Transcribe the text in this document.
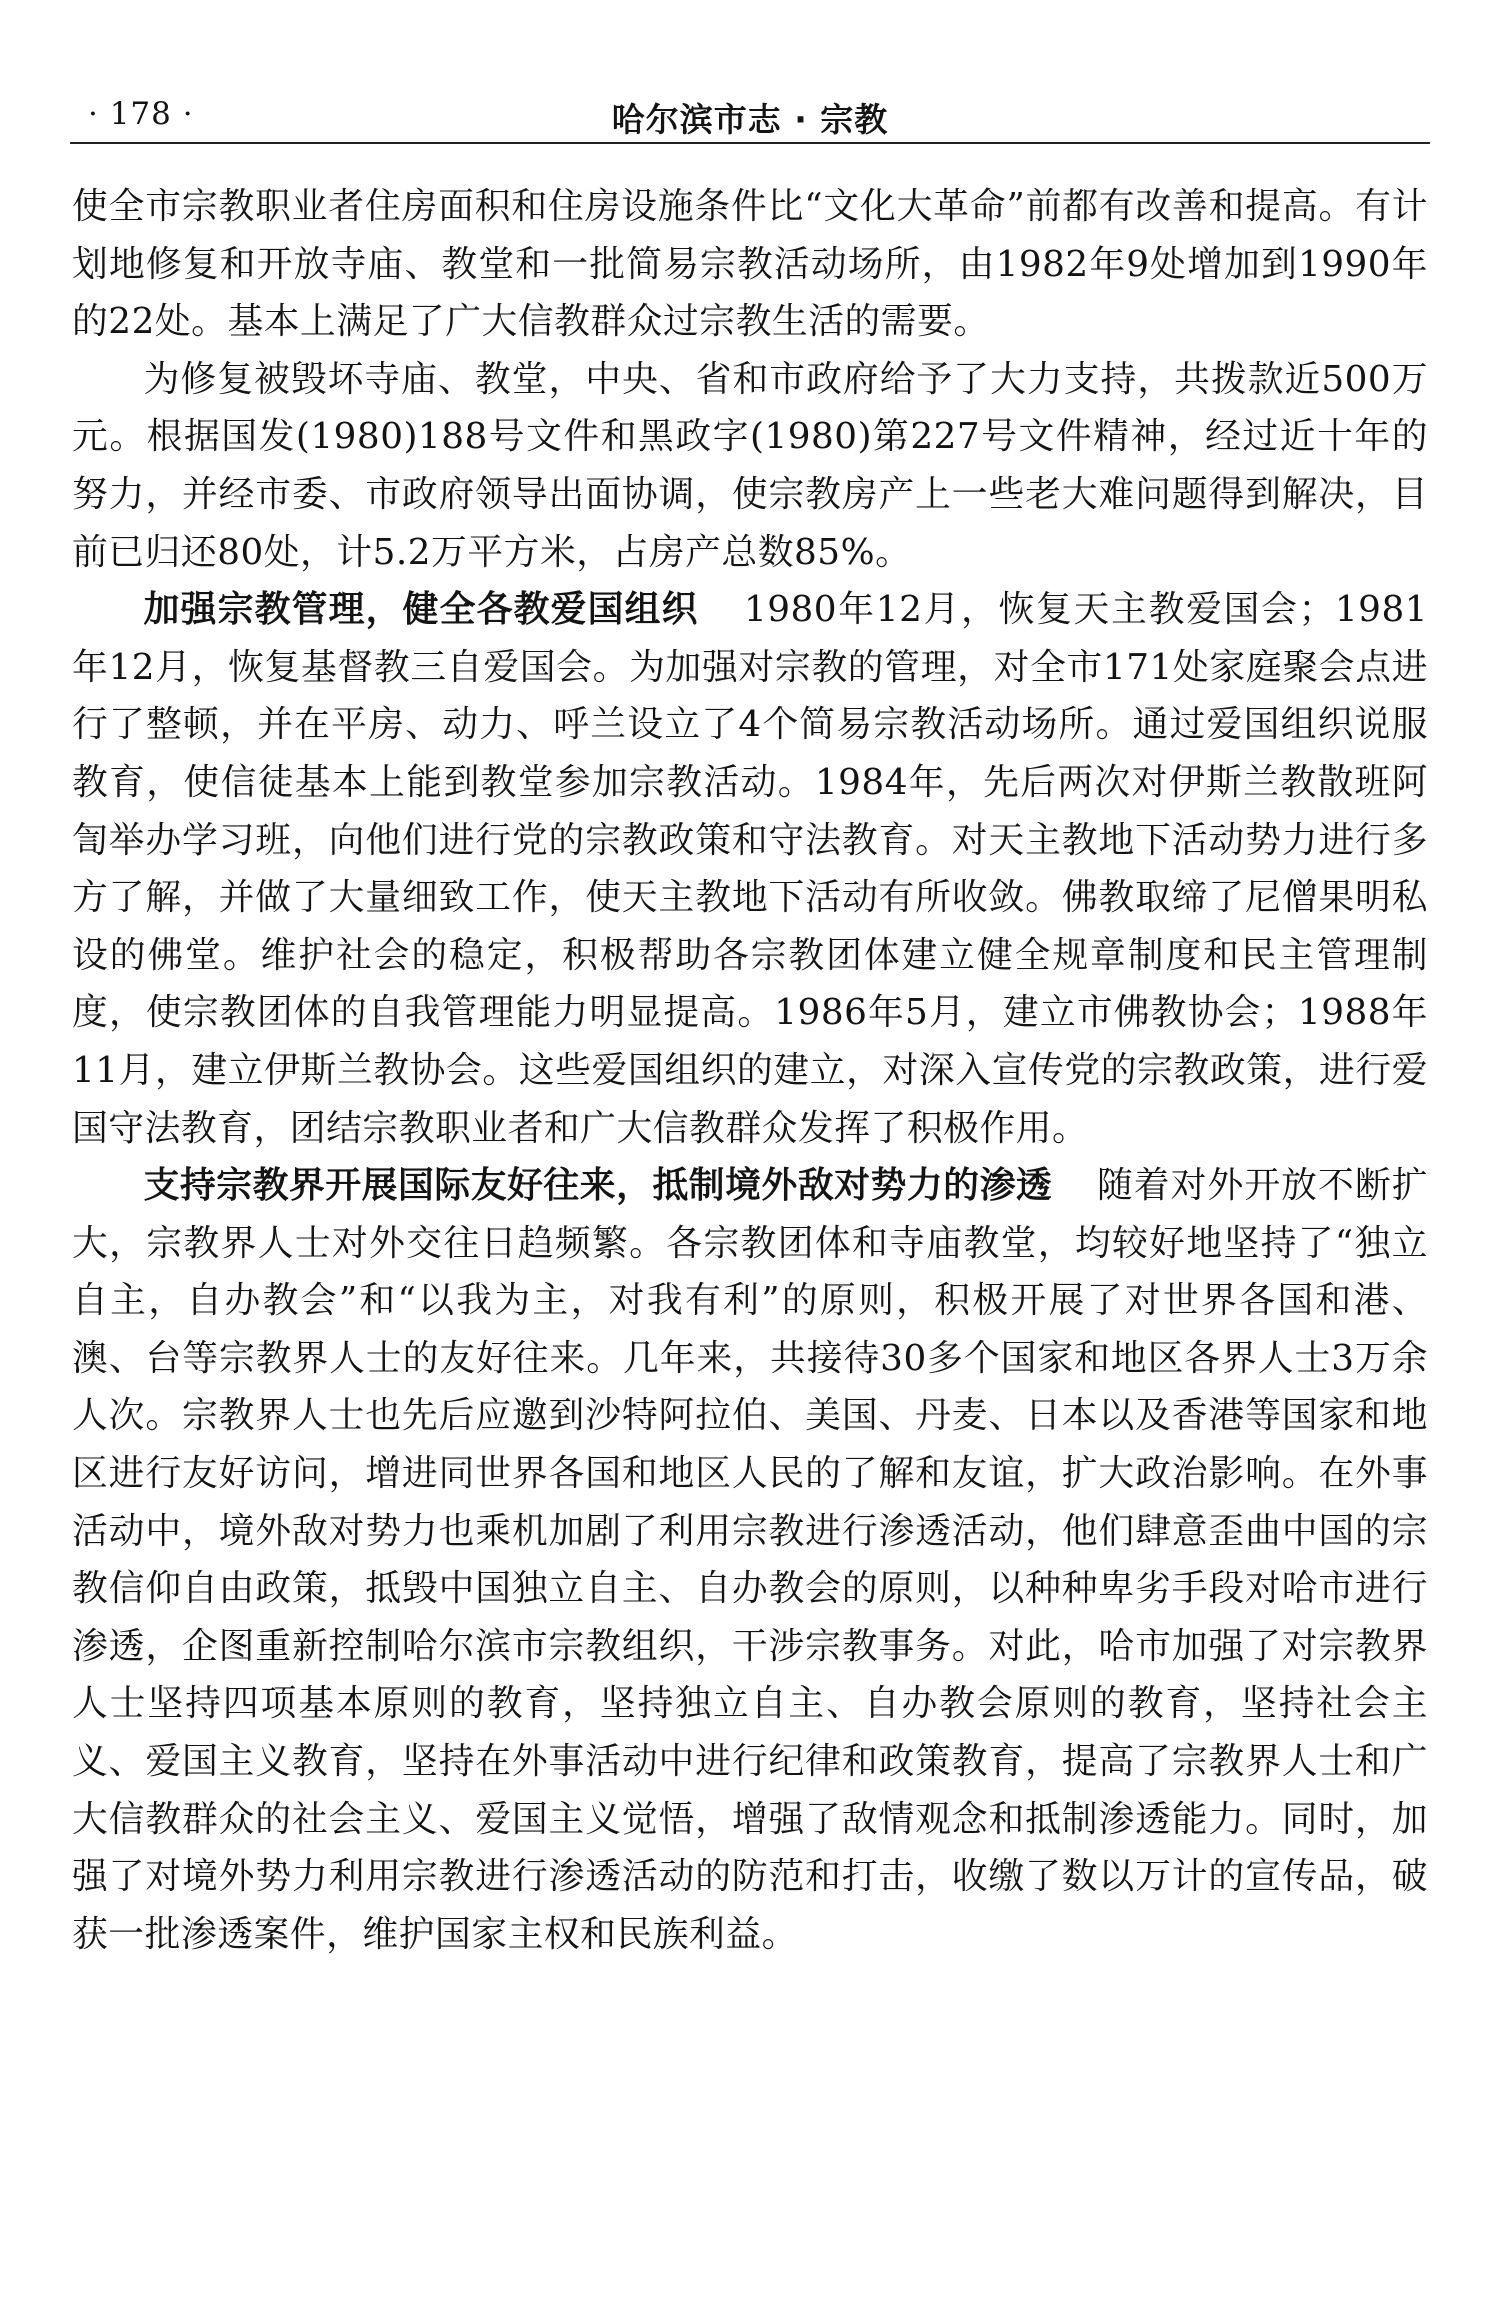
· 178 ·	哈尔滨市志 · 宗教

使全市宗教职业者住房面积和住房设施条件比“文化大革命”前都有改善和提高。有计划地修复和开放寺庙、教堂和一批简易宗教活动场所，由1982年9处增加到1990年的22处。基本上满足了广大信教群众过宗教生活的需要。

为修复被毁坏寺庙、教堂，中央、省和市政府给予了大力支持，共拨款近500万元。根据国发(1980)188号文件和黑政字(1980)第227号文件精神，经过近十年的努力，并经市委、市政府领导出面协调，使宗教房产上一些老大难问题得到解决，目前已归还80处，计5.2万平方米，占房产总数85%。

加强宗教管理，健全各教爱国组织 1980年12月，恢复天主教爱国会；1981年12月，恢复基督教三自爱国会。为加强对宗教的管理，对全市171处家庭聚会点进行了整顿，并在平房、动力、呼兰设立了4个简易宗教活动场所。通过爱国组织说服教育，使信徒基本上能到教堂参加宗教活动。1984年，先后两次对伊斯兰教散班阿訇举办学习班，向他们进行党的宗教政策和守法教育。对天主教地下活动势力进行多方了解，并做了大量细致工作，使天主教地下活动有所收敛。佛教取缔了尼僧果明私设的佛堂。维护社会的稳定，积极帮助各宗教团体建立健全规章制度和民主管理制度，使宗教团体的自我管理能力明显提高。1986年5月，建立市佛教协会；1988年11月，建立伊斯兰教协会。这些爱国组织的建立，对深入宣传党的宗教政策，进行爱国守法教育，团结宗教职业者和广大信教群众发挥了积极作用。

支持宗教界开展国际友好往来，抵制境外敌对势力的渗透 随着对外开放不断扩大，宗教界人士对外交往日趋频繁。各宗教团体和寺庙教堂，均较好地坚持了“独立自主，自办教会”和“以我为主，对我有利”的原则，积极开展了对世界各国和港、澳、台等宗教界人士的友好往来。几年来，共接待30多个国家和地区各界人士3万余人次。宗教界人士也先后应邀到沙特阿拉伯、美国、丹麦、日本以及香港等国家和地区进行友好访问，增进同世界各国和地区人民的了解和友谊，扩大政治影响。在外事活动中，境外敌对势力也乘机加剧了利用宗教进行渗透活动，他们肆意歪曲中国的宗教信仰自由政策，抵毁中国独立自主、自办教会的原则，以种种卑劣手段对哈市进行渗透，企图重新控制哈尔滨市宗教组织，干涉宗教事务。对此，哈市加强了对宗教界人士坚持四项基本原则的教育，坚持独立自主、自办教会原则的教育，坚持社会主义、爱国主义教育，坚持在外事活动中进行纪律和政策教育，提高了宗教界人士和广大信教群众的社会主义、爱国主义觉悟，增强了敌情观念和抵制渗透能力。同时，加强了对境外势力利用宗教进行渗透活动的防范和打击，收缴了数以万计的宣传品，破获一批渗透案件，维护国家主权和民族利益。
